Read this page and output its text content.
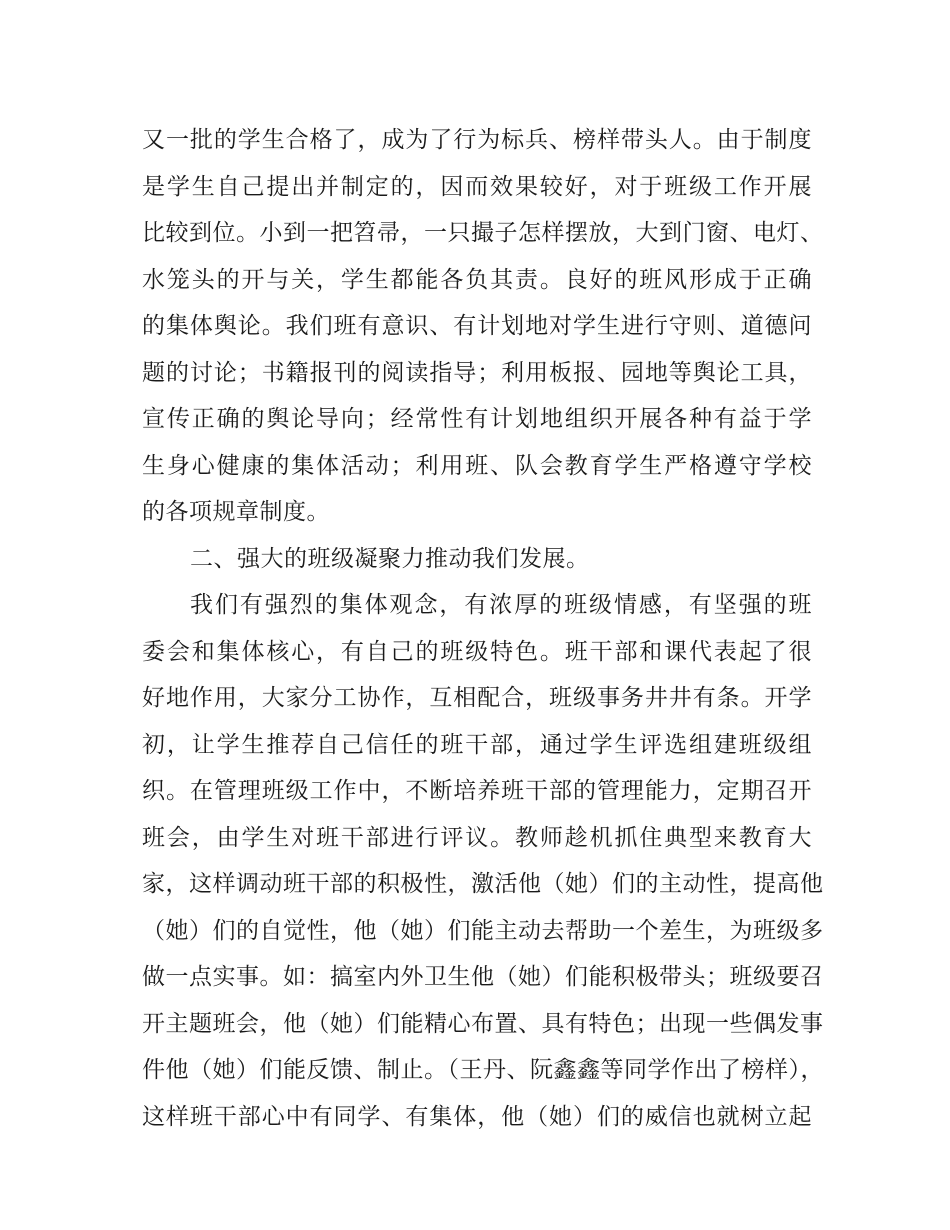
又一批的学生合格了，成为了行为标兵、榜样带头人。由于制度
是学生自己提出并制定的，因而效果较好，对于班级工作开展
比较到位。小到一把笤帚，一只撮子怎样摆放，大到门窗、电灯、
水笼头的开与关，学生都能各负其责。良好的班风形成于正确
的集体舆论。我们班有意识、有计划地对学生进行守则、道德问
题的讨论；书籍报刊的阅读指导；利用板报、园地等舆论工具，
宣传正确的舆论导向；经常性有计划地组织开展各种有益于学
生身心健康的集体活动；利用班、队会教育学生严格遵守学校
的各项规章制度。
二、强大的班级凝聚力推动我们发展。
我们有强烈的集体观念，有浓厚的班级情感，有坚强的班
委会和集体核心，有自己的班级特色。班干部和课代表起了很
好地作用，大家分工协作，互相配合，班级事务井井有条。开学
初，让学生推荐自己信任的班干部，通过学生评选组建班级组
织。在管理班级工作中，不断培养班干部的管理能力，定期召开
班会，由学生对班干部进行评议。教师趁机抓住典型来教育大
家，这样调动班干部的积极性，激活他（她）们的主动性，提高他
（她）们的自觉性，他（她）们能主动去帮助一个差生，为班级多
做一点实事。如：搞室内外卫生他（她）们能积极带头；班级要召
开主题班会，他（她）们能精心布置、具有特色；出现一些偶发事
件他（她）们能反馈、制止。（王丹、阮鑫鑫等同学作出了榜样），
这样班干部心中有同学、有集体，他（她）们的威信也就树立起
